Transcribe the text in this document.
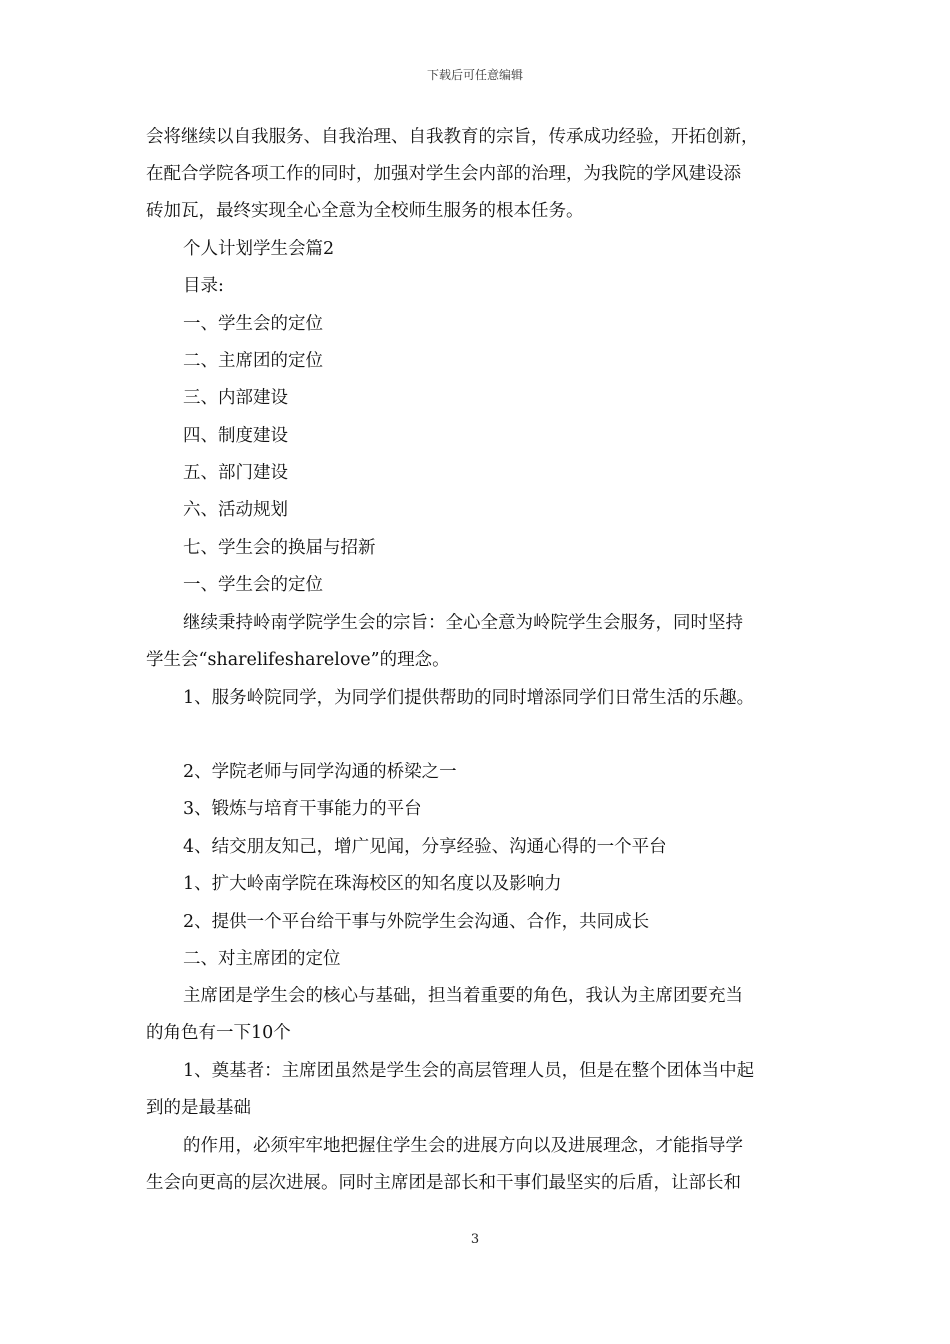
下载后可任意编辑
会将继续以自我服务、自我治理、自我教育的宗旨，传承成功经验，开拓创新，
在配合学院各项工作的同时，加强对学生会内部的治理，为我院的学风建设添
砖加瓦，最终实现全心全意为全校师生服务的根本任务。
个人计划学生会篇2
目录:
一、学生会的定位
二、主席团的定位
三、内部建设
四、制度建设
五、部门建设
六、活动规划
七、学生会的换届与招新
一、学生会的定位
继续秉持岭南学院学生会的宗旨：全心全意为岭院学生会服务，同时坚持
学生会“sharelifesharelove”的理念。
1、服务岭院同学，为同学们提供帮助的同时增添同学们日常生活的乐趣。
2、学院老师与同学沟通的桥梁之一
3、锻炼与培育干事能力的平台
4、结交朋友知己，增广见闻，分享经验、沟通心得的一个平台
1、扩大岭南学院在珠海校区的知名度以及影响力
2、提供一个平台给干事与外院学生会沟通、合作，共同成长
二、对主席团的定位
主席团是学生会的核心与基础，担当着重要的角色，我认为主席团要充当
的角色有一下10个
1、奠基者：主席团虽然是学生会的高层管理人员，但是在整个团体当中起
到的是最基础
的作用，必须牢牢地把握住学生会的进展方向以及进展理念，才能指导学
生会向更高的层次进展。同时主席团是部长和干事们最坚实的后盾，让部长和
3
